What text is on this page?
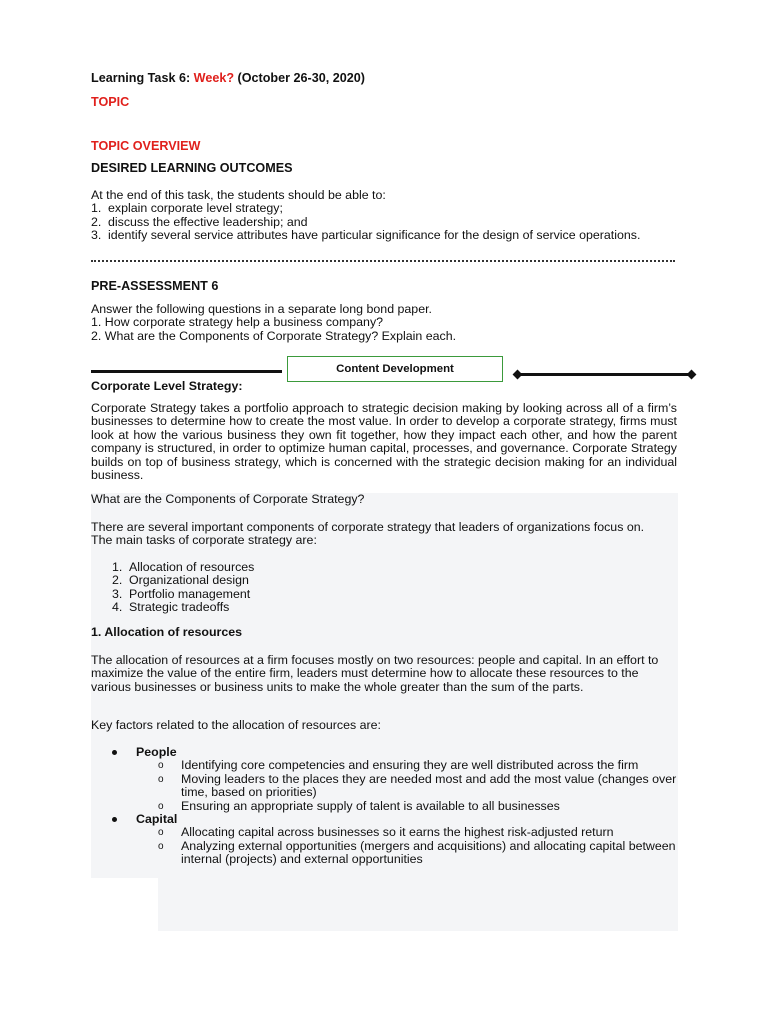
Learning Task 6: Week? (October 26-30, 2020)
TOPIC
TOPIC OVERVIEW
DESIRED LEARNING OUTCOMES
At the end of this task, the students should be able to:
1. explain corporate level strategy;
2. discuss the effective leadership; and
3. identify several service attributes have particular significance for the design of service operations.
PRE-ASSESSMENT 6
Answer the following questions in a separate long bond paper.
1. How corporate strategy help a business company?
2. What are the Components of Corporate Strategy? Explain each.
Content Development
Corporate Level Strategy:
Corporate Strategy takes a portfolio approach to strategic decision making by looking across all of a firm’s businesses to determine how to create the most value. In order to develop a corporate strategy, firms must look at how the various business they own fit together, how they impact each other, and how the parent company is structured, in order to optimize human capital, processes, and governance. Corporate Strategy builds on top of business strategy, which is concerned with the strategic decision making for an individual business.
What are the Components of Corporate Strategy?
There are several important components of corporate strategy that leaders of organizations focus on. The main tasks of corporate strategy are:
1. Allocation of resources
2. Organizational design
3. Portfolio management
4. Strategic tradeoffs
1. Allocation of resources
The allocation of resources at a firm focuses mostly on two resources: people and capital. In an effort to maximize the value of the entire firm, leaders must determine how to allocate these resources to the various businesses or business units to make the whole greater than the sum of the parts.
Key factors related to the allocation of resources are:
People
o	Identifying core competencies and ensuring they are well distributed across the firm
o	Moving leaders to the places they are needed most and add the most value (changes over time, based on priorities)
o	Ensuring an appropriate supply of talent is available to all businesses
Capital
o	Allocating capital across businesses so it earns the highest risk-adjusted return
o	Analyzing external opportunities (mergers and acquisitions) and allocating capital between internal (projects) and external opportunities
